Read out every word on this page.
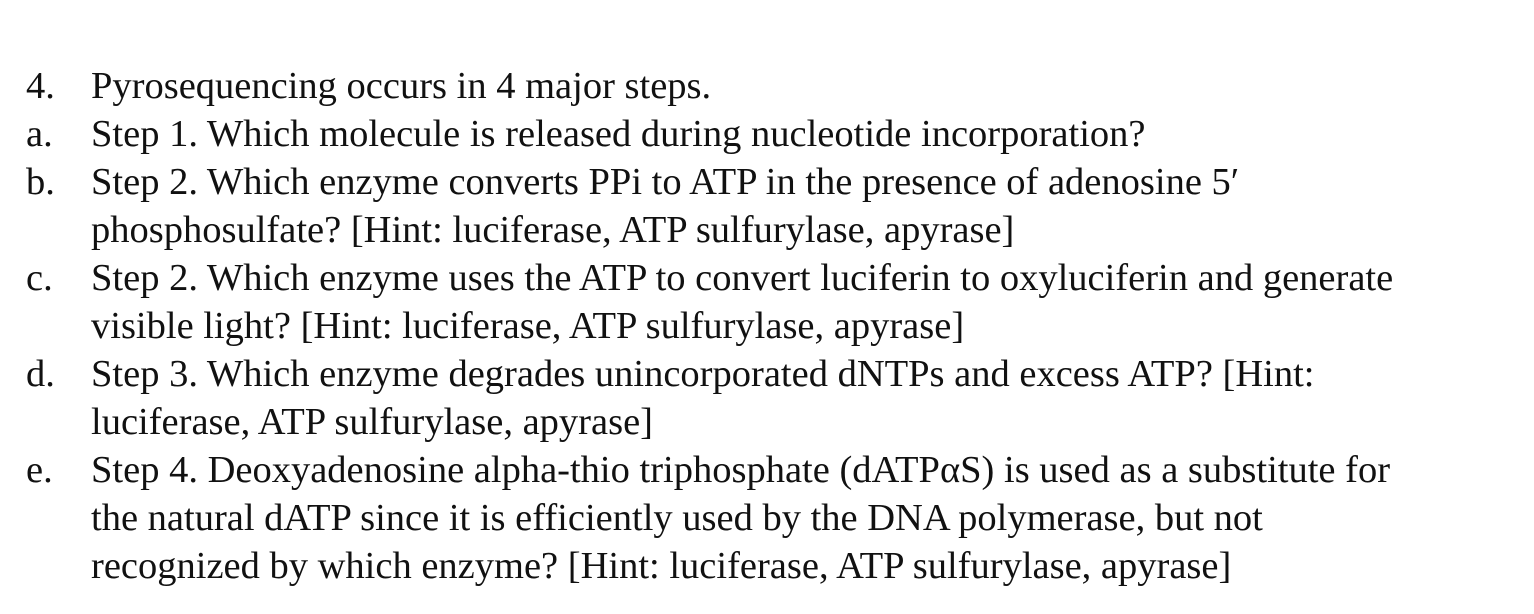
4. Pyrosequencing occurs in 4 major steps.
a. Step 1. Which molecule is released during nucleotide incorporation?
b. Step 2. Which enzyme converts PPi to ATP in the presence of adenosine 5′
phosphosulfate? [Hint: luciferase, ATP sulfurylase, apyrase]
c. Step 2. Which enzyme uses the ATP to convert luciferin to oxyluciferin and generate
visible light? [Hint: luciferase, ATP sulfurylase, apyrase]
d. Step 3. Which enzyme degrades unincorporated dNTPs and excess ATP? [Hint:
luciferase, ATP sulfurylase, apyrase]
e. Step 4. Deoxyadenosine alpha-thio triphosphate (dATPαS) is used as a substitute for
the natural dATP since it is efficiently used by the DNA polymerase, but not
recognized by which enzyme? [Hint: luciferase, ATP sulfurylase, apyrase]
